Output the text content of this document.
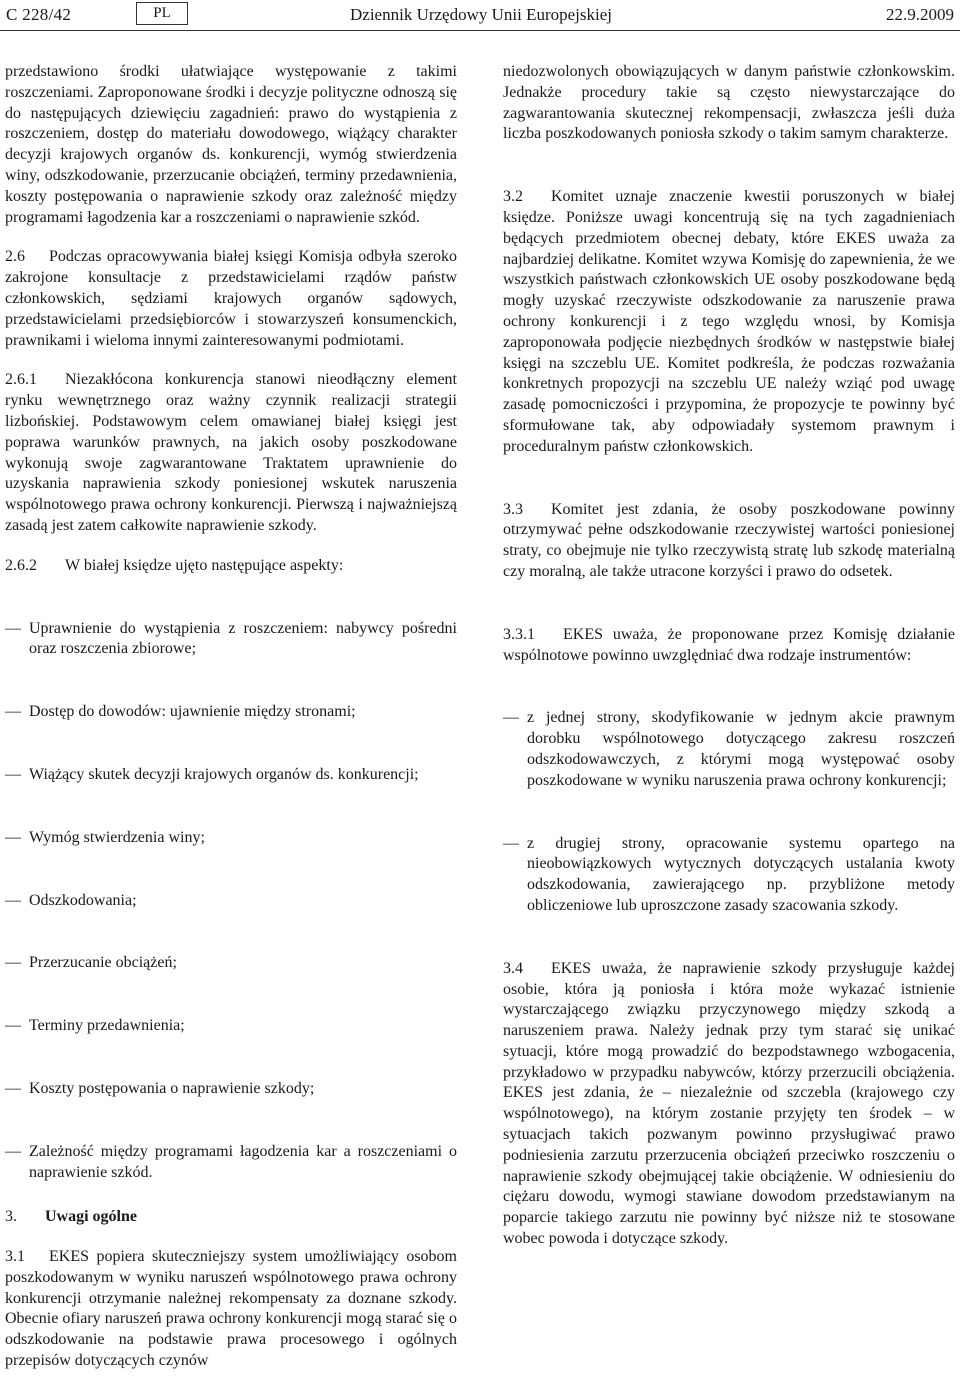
C 228/42	PL	Dziennik Urzędowy Unii Europejskiej	22.9.2009

przedstawiono środki ułatwiające występowanie z takimi roszczeniami. Zaproponowane środki i decyzje polityczne odnoszą się do następujących dziewięciu zagadnień: prawo do wystąpienia z roszczeniem, dostęp do materiału dowodowego, wiążący charakter decyzji krajowych organów ds. konkurencji, wymóg stwierdzenia winy, odszkodowanie, przerzucanie obciążeń, terminy przedawnienia, koszty postępowania o naprawienie szkody oraz zależność między programami łagodzenia kar a roszczeniami o naprawienie szkód.

2.6 Podczas opracowywania białej księgi Komisja odbyła szeroko zakrojone konsultacje z przedstawicielami rządów państw członkowskich, sędziami krajowych organów sądowych, przedstawicielami przedsiębiorców i stowarzyszeń konsumenckich, prawnikami i wieloma innymi zainteresowanymi podmiotami.

2.6.1 Niezakłócona konkurencja stanowi nieodłączny element rynku wewnętrznego oraz ważny czynnik realizacji strategii lizbońskiej. Podstawowym celem omawianej białej księgi jest poprawa warunków prawnych, na jakich osoby poszkodowane wykonują swoje zagwarantowane Traktatem uprawnienie do uzyskania naprawienia szkody poniesionej wskutek naruszenia wspólnotowego prawa ochrony konkurencji. Pierwszą i najważniejszą zasadą jest zatem całkowite naprawienie szkody.

2.6.2 W białej księdze ujęto następujące aspekty:

— Uprawnienie do wystąpienia z roszczeniem: nabywcy pośredni oraz roszczenia zbiorowe;

— Dostęp do dowodów: ujawnienie między stronami;

— Wiążący skutek decyzji krajowych organów ds. konkurencji;

— Wymóg stwierdzenia winy;

— Odszkodowania;

— Przerzucanie obciążeń;

— Terminy przedawnienia;

— Koszty postępowania o naprawienie szkody;

— Zależność między programami łagodzenia kar a roszczeniami o naprawienie szkód.

3. Uwagi ogólne

3.1 EKES popiera skuteczniejszy system umożliwiający osobom poszkodowanym w wyniku naruszeń wspólnotowego prawa ochrony konkurencji otrzymanie należnej rekompensaty za doznane szkody. Obecnie ofiary naruszeń prawa ochrony konkurencji mogą starać się o odszkodowanie na podstawie prawa procesowego i ogólnych przepisów dotyczących czynów

niedozwolonych obowiązujących w danym państwie członkowskim. Jednakże procedury takie są często niewystarczające do zagwarantowania skutecznej rekompensacji, zwłaszcza jeśli duża liczba poszkodowanych poniosła szkody o takim samym charakterze.

3.2 Komitet uznaje znaczenie kwestii poruszonych w białej księdze. Poniższe uwagi koncentrują się na tych zagadnieniach będących przedmiotem obecnej debaty, które EKES uważa za najbardziej delikatne. Komitet wzywa Komisję do zapewnienia, że we wszystkich państwach członkowskich UE osoby poszkodowane będą mogły uzyskać rzeczywiste odszkodowanie za naruszenie prawa ochrony konkurencji i z tego względu wnosi, by Komisja zaproponowała podjęcie niezbędnych środków w następstwie białej księgi na szczeblu UE. Komitet podkreśla, że podczas rozważania konkretnych propozycji na szczeblu UE należy wziąć pod uwagę zasadę pomocniczości i przypomina, że propozycje te powinny być sformułowane tak, aby odpowiadały systemom prawnym i proceduralnym państw członkowskich.

3.3 Komitet jest zdania, że osoby poszkodowane powinny otrzymywać pełne odszkodowanie rzeczywistej wartości poniesionej straty, co obejmuje nie tylko rzeczywistą stratę lub szkodę materialną czy moralną, ale także utracone korzyści i prawo do odsetek.

3.3.1 EKES uważa, że proponowane przez Komisję działanie wspólnotowe powinno uwzględniać dwa rodzaje instrumentów:

— z jednej strony, skodyfikowanie w jednym akcie prawnym dorobku wspólnotowego dotyczącego zakresu roszczeń odszkodowawczych, z którymi mogą występować osoby poszkodowane w wyniku naruszenia prawa ochrony konkurencji;

— z drugiej strony, opracowanie systemu opartego na nieobowiązkowych wytycznych dotyczących ustalania kwoty odszkodowania, zawierającego np. przybliżone metody obliczeniowe lub uproszczone zasady szacowania szkody.

3.4 EKES uważa, że naprawienie szkody przysługuje każdej osobie, która ją poniosła i która może wykazać istnienie wystarczającego związku przyczynowego między szkodą a naruszeniem prawa. Należy jednak przy tym starać się unikać sytuacji, które mogą prowadzić do bezpodstawnego wzbogacenia, przykładowo w przypadku nabywców, którzy przerzucili obciążenia. EKES jest zdania, że – niezależnie od szczebla (krajowego czy wspólnotowego), na którym zostanie przyjęty ten środek – w sytuacjach takich pozwanym powinno przysługiwać prawo podniesienia zarzutu przerzucenia obciążeń przeciwko roszczeniu o naprawienie szkody obejmującej takie obciążenie. W odniesieniu do ciężaru dowodu, wymogi stawiane dowodom przedstawianym na poparcie takiego zarzutu nie powinny być niższe niż te stosowane wobec powoda i dotyczące szkody.
